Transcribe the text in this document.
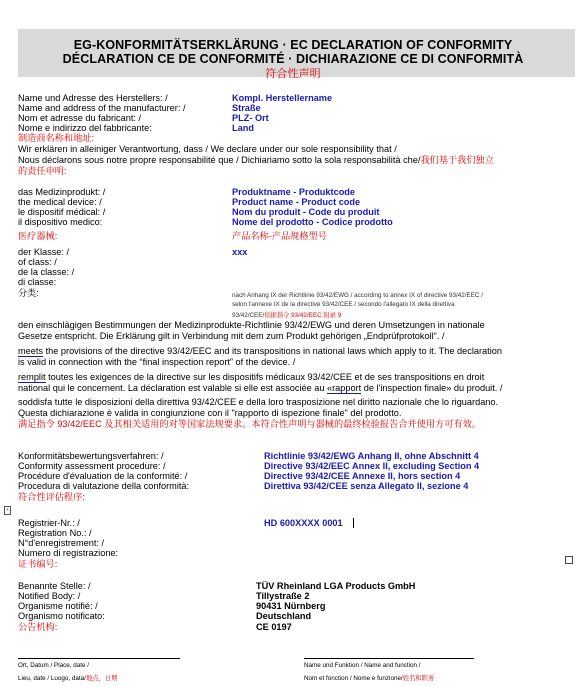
EG-KONFORMITÄTSERKLÄRUNG · EC DECLARATION OF CONFORMITY
DÉCLARATION CE DE CONFORMITÉ · DICHIARAZIONE CE DI CONFORMITÀ
符合性声明
Name und Adresse des Herstellers: /
Name and address of the manufacturer: /
Nom et adresse du fabricant: /
Nome e indirizzo del fabbricante:
制造商名称和地址:
Kompl. Herstellername
Straße
PLZ- Ort
Land
Wir erklären in alleiniger Verantwortung, dass / We declare under our sole responsibility that /
Nous déclarons sous notre propre responsabilité que / Dichiariamo sotto la sola responsabilità che/我们基于我们独立
的责任申明:
das Medizinprodukt: /
the medical device: /
le dispositif médical: /
il dispositivo medico:
医疗器械:
Produktname - Produktcode
Product name - Product code
Nom du produit - Code du produit
Nome del prodotto - Codice prodotto
产品名称-产品规格型号
der Klasse: /
of class: /
de la classe: /
di classe:
分类:
xxx
nach Anhang IX der Richtlinie 93/42/EWG / according to annex IX of directive 93/42/EEC /
selon l'annexe IX de la directive 93/42/CEE / secondo l'allegato IX della direttiva
93/42/CEE/依据指令 93/42/EEC 附录 9
den einschlägigen Bestimmungen der Medizinprodukte-Richtlinie 93/42/EWG und deren Umsetzungen in nationale
Gesetze entspricht. Die Erklärung gilt in Verbindung mit dem zum Produkt gehörigen „Endprüfprotokoll“. /
meets the provisions of the directive 93/42/EEC and its transpositions in national laws which apply to it. The declaration
is valid in connection with the “final inspection report” of the device. /
remplit toutes les exigences de la directive sur les dispositifs médicaux 93/42/CEE et de ses transpositions en droit
national qui le concernent. La déclaration est valable si elle est associée au «rapport de l'inspection finale» du produit. /
soddisfa tutte le disposizioni della direttiva 93/42/CEE e della loro trasposizione nel diritto nazionale che lo riguardano.
Questa dichiarazione è valida in congiunzione con il "rapporto di ispezione finale" del prodotto.
满足指令 93/42/EEC 及其相关适用的对等国家法规要求。本符合性声明与器械的最终检验报告合并使用方可有效。
Konformitätsbewertungsverfahren: /
Conformity assessment procedure: /
Procédure d'évaluation de la conformité: /
Procedura di valutazione della conformità:
符合性评估程序:
Richtlinie 93/42/EWG Anhang II, ohne Abschnitt 4
Directive 93/42/EEC Annex II, excluding Section 4
Directive 93/42/CEE Annexe II, hors section 4
Direttiva 93/42/CEE senza Allegato II, sezione 4
+
Registrier-Nr.: /
Registration No.: /
N°d'enregistrement: /
Numero di registrazione:
证书编号:
HD 600XXXX 0001
Benannte Stelle: /
Notified Body: /
Organisme notifié: /
Organismo notificato:
公告机构:
TÜV Rheinland LGA Products GmbH
Tillystraße 2
90431 Nürnberg
Deutschland
CE 0197
Ort, Datum / Place, date /
Lieu, date / Luogo, data/地点，日期
Name und Funktion / Name and function /
Nom et fonction / Nome e funzione/姓名和职务
